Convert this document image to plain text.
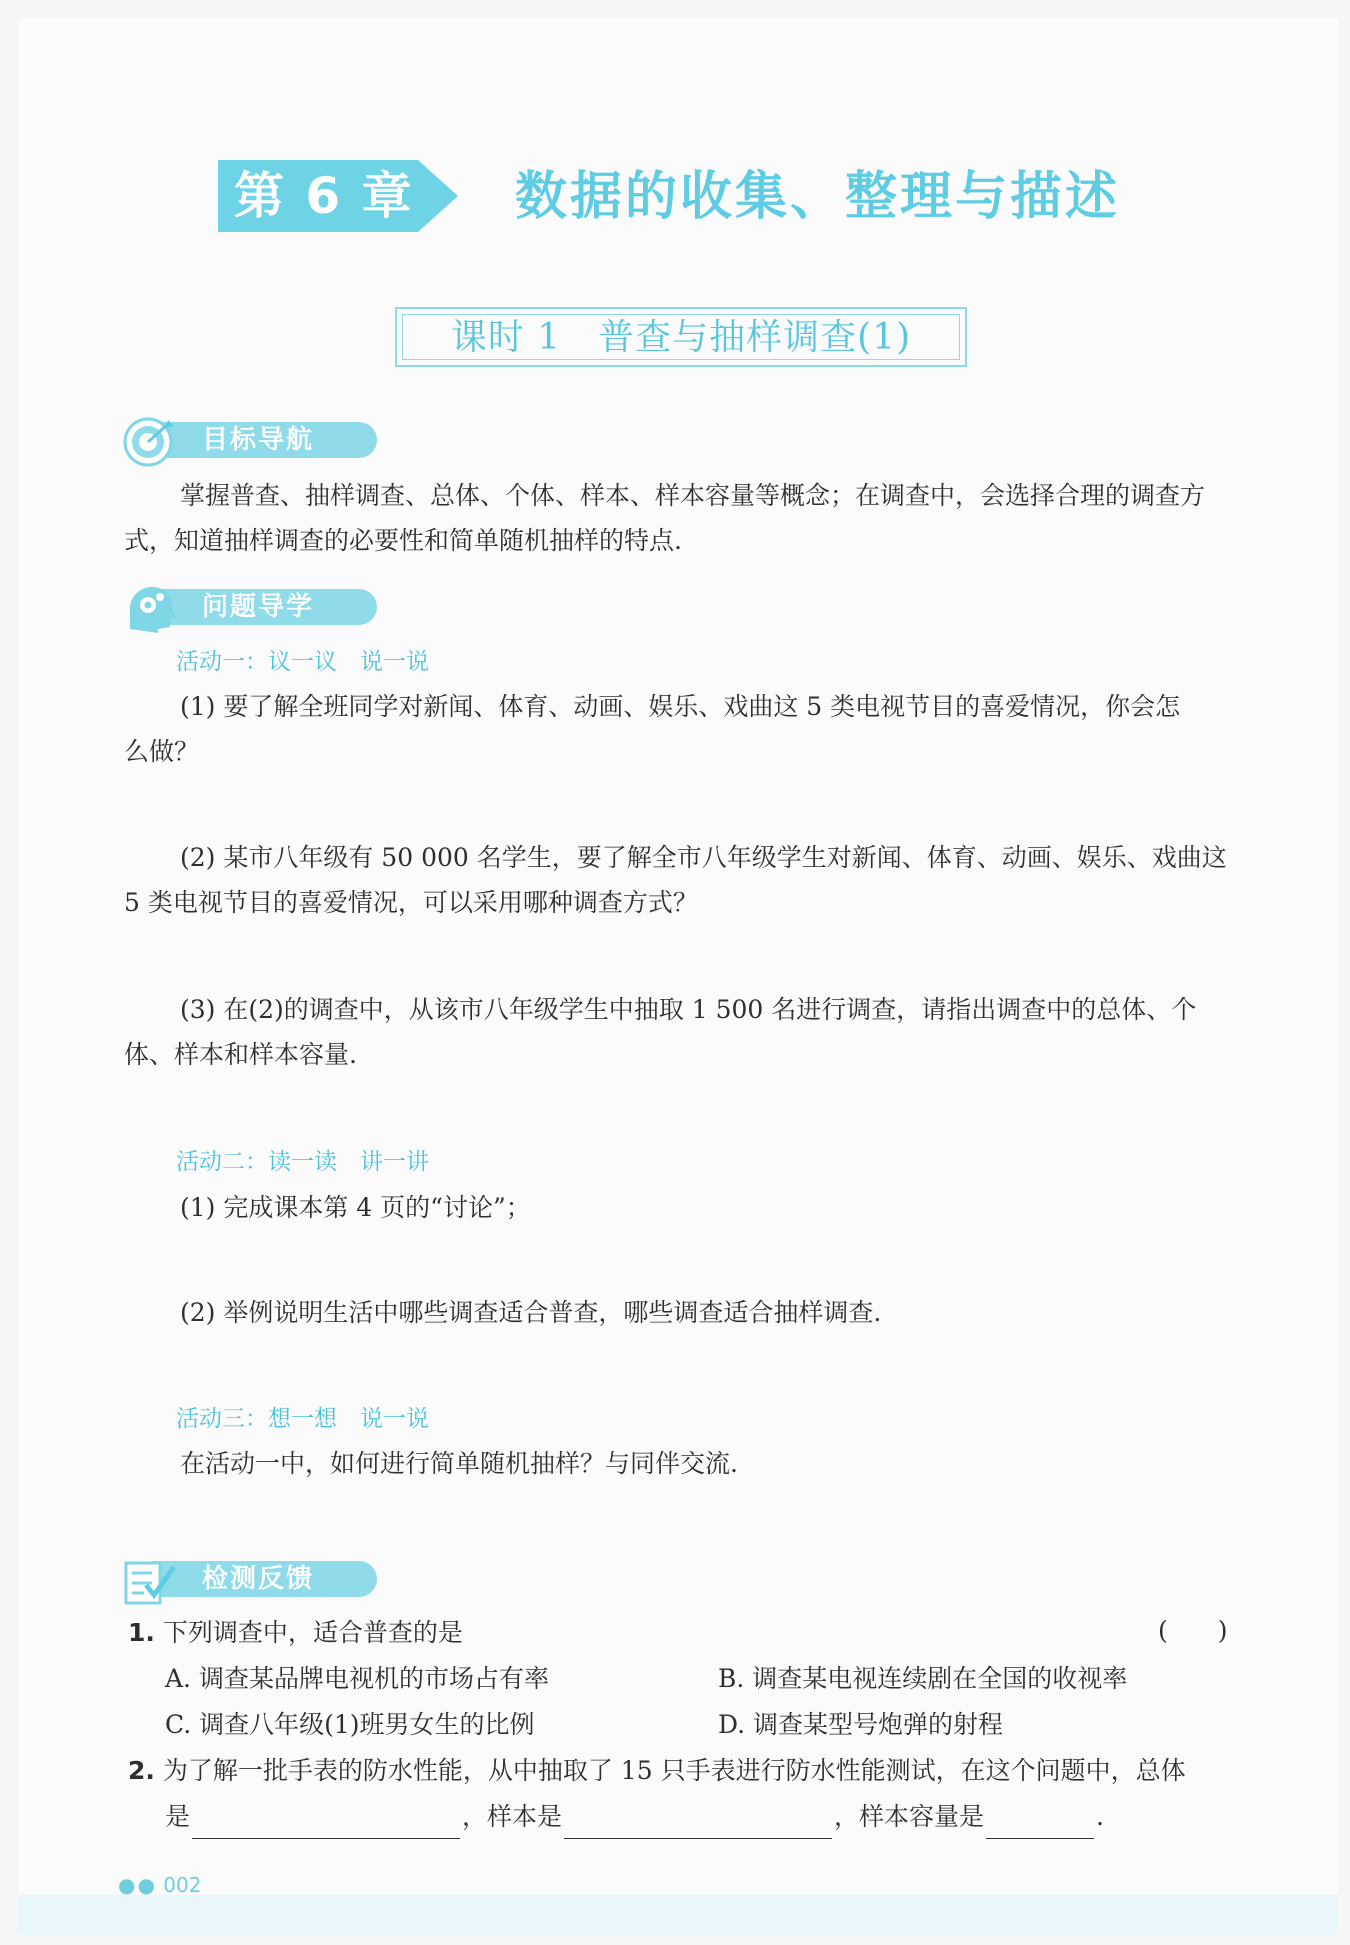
第 6 章 数据的收集、整理与描述
课时 1　普查与抽样调查(1)
目标导航
掌握普查、抽样调查、总体、个体、样本、样本容量等概念；在调查中，会选择合理的调查方
式，知道抽样调查的必要性和简单随机抽样的特点.
问题导学
活动一：议一议　说一说
(1) 要了解全班同学对新闻、体育、动画、娱乐、戏曲这 5 类电视节目的喜爱情况，你会怎
么做？
(2) 某市八年级有 50 000 名学生，要了解全市八年级学生对新闻、体育、动画、娱乐、戏曲这
5 类电视节目的喜爱情况，可以采用哪种调查方式？
(3) 在(2)的调查中，从该市八年级学生中抽取 1 500 名进行调查，请指出调查中的总体、个
体、样本和样本容量.
活动二：读一读　讲一讲
(1) 完成课本第 4 页的“讨论”；
(2) 举例说明生活中哪些调查适合普查，哪些调查适合抽样调查.
活动三：想一想　说一说
在活动一中，如何进行简单随机抽样？与同伴交流.
检测反馈
1. 下列调查中，适合普查的是	(　　)
A. 调查某品牌电视机的市场占有率	B. 调查某电视连续剧在全国的收视率
C. 调查八年级(1)班男女生的比例	D. 调查某型号炮弹的射程
2. 为了解一批手表的防水性能，从中抽取了 15 只手表进行防水性能测试，在这个问题中，总体
是	，样本是	，样本容量是	.
●● 002
